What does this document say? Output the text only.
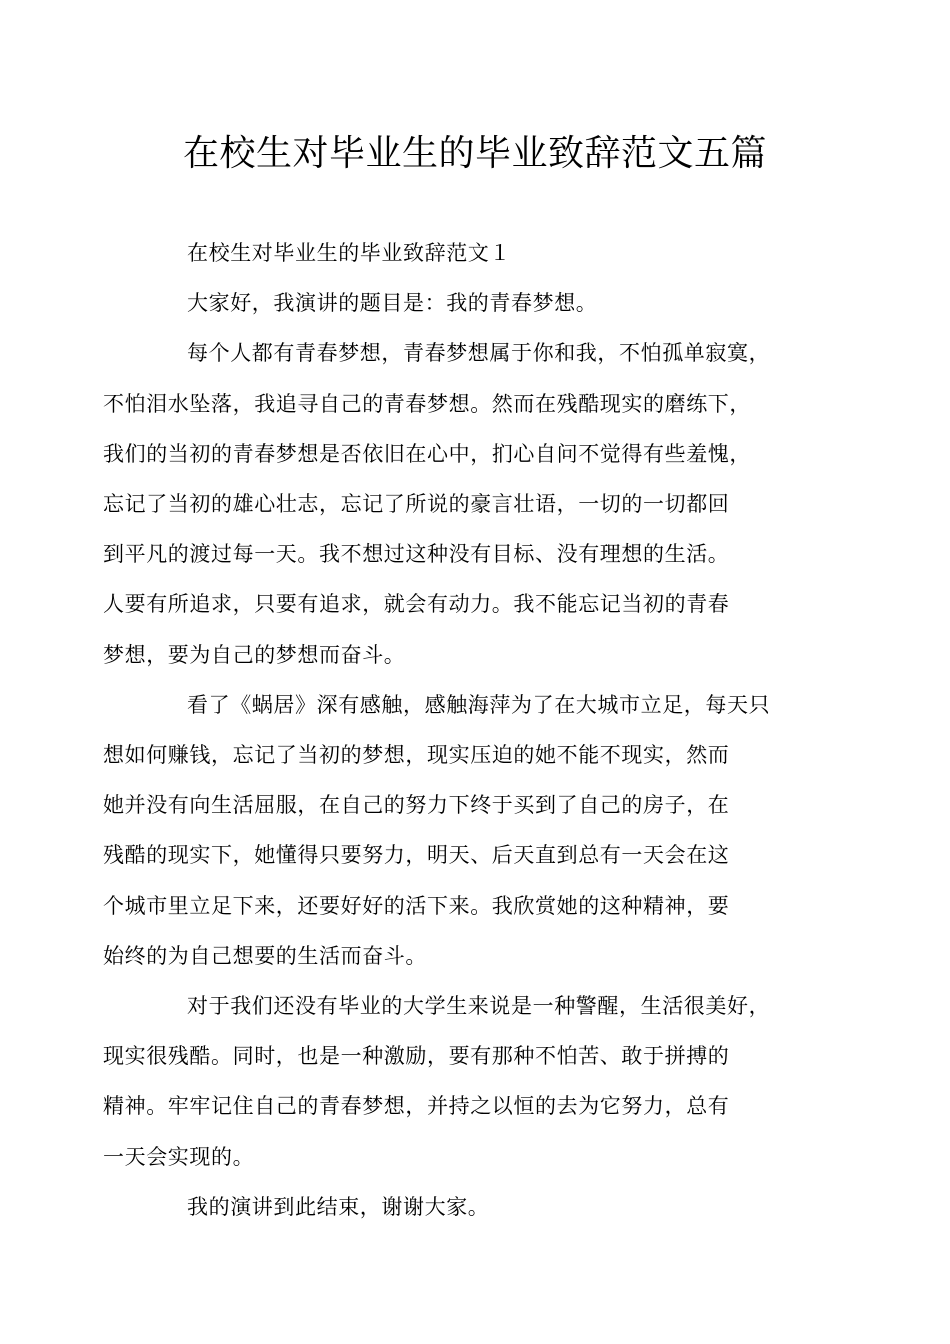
在校生对毕业生的毕业致辞范文五篇

在校生对毕业生的毕业致辞范文１

大家好，我演讲的题目是：我的青春梦想。

每个人都有青春梦想，青春梦想属于你和我，不怕孤单寂寞，
不怕泪水坠落，我追寻自己的青春梦想。然而在残酷现实的磨练下，
我们的当初的青春梦想是否依旧在心中，扪心自问不觉得有些羞愧，
忘记了当初的雄心壮志，忘记了所说的豪言壮语，一切的一切都回
到平凡的渡过每一天。我不想过这种没有目标、没有理想的生活。
人要有所追求，只要有追求，就会有动力。我不能忘记当初的青春
梦想，要为自己的梦想而奋斗。

看了《蜗居》深有感触，感触海萍为了在大城市立足，每天只
想如何赚钱，忘记了当初的梦想，现实压迫的她不能不现实，然而
她并没有向生活屈服，在自己的努力下终于买到了自己的房子，在
残酷的现实下，她懂得只要努力，明天、后天直到总有一天会在这
个城市里立足下来，还要好好的活下来。我欣赏她的这种精神，要
始终的为自己想要的生活而奋斗。

对于我们还没有毕业的大学生来说是一种警醒，生活很美好，
现实很残酷。同时，也是一种激励，要有那种不怕苦、敢于拼搏的
精神。牢牢记住自己的青春梦想，并持之以恒的去为它努力，总有
一天会实现的。

我的演讲到此结束，谢谢大家。
